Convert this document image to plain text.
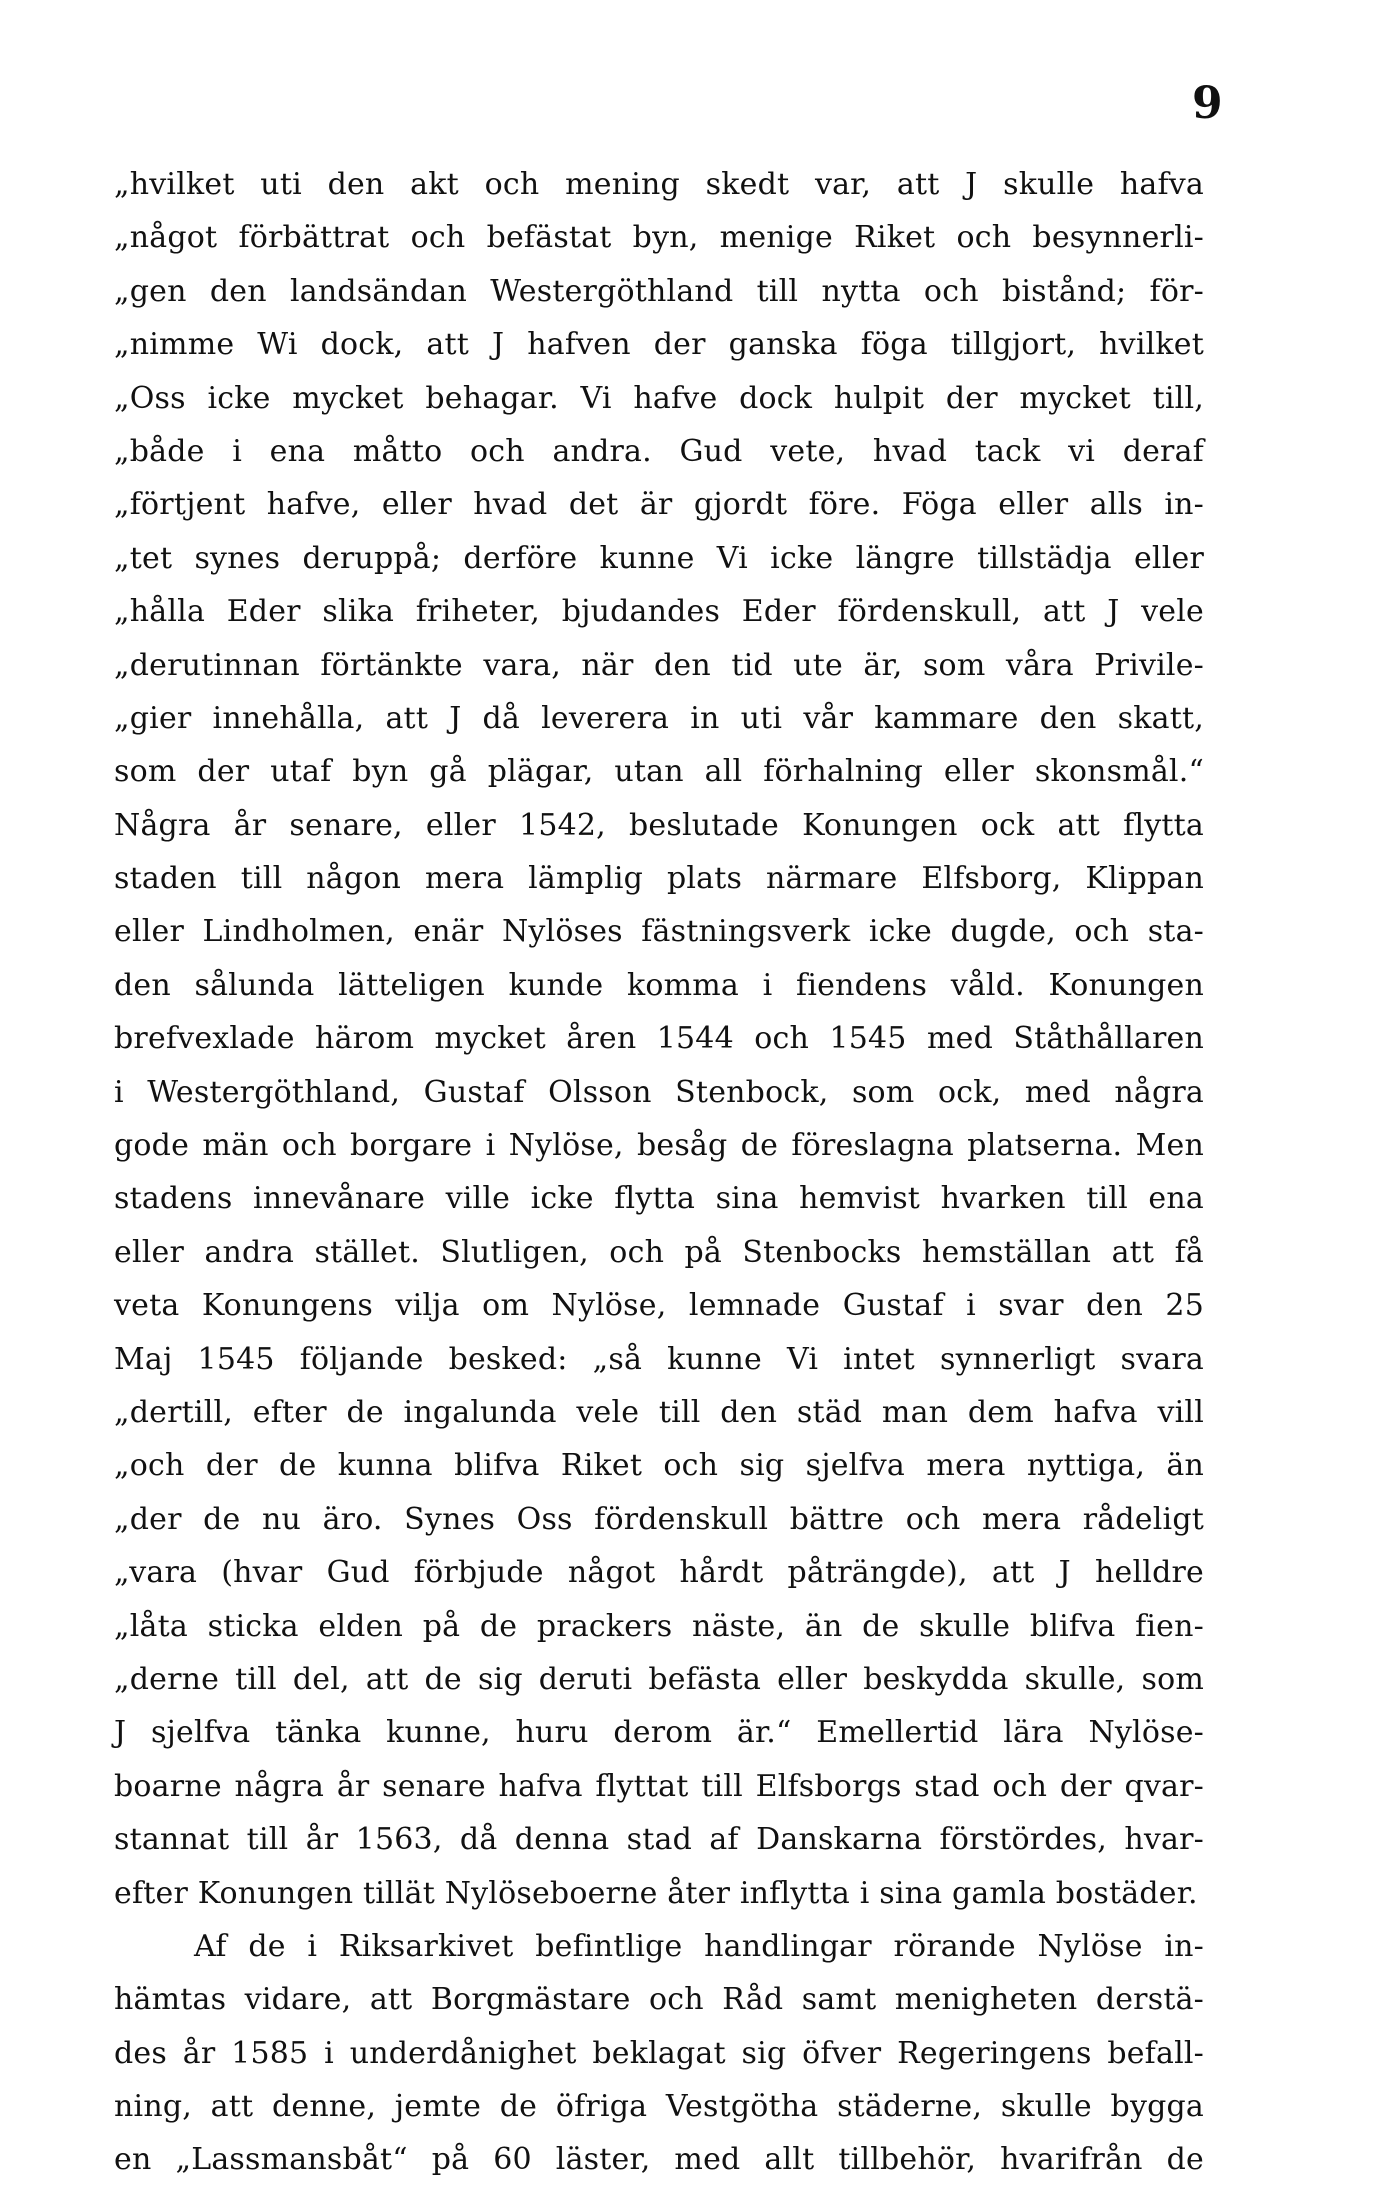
9
„hvilket uti den akt och mening skedt var, att J skulle hafva
„något förbättrat och befästat byn, menige Riket och besynnerli-
„gen den landsändan Westergöthland till nytta och bistånd; för-
„nimme Wi dock, att J hafven der ganska föga tillgjort, hvilket
„Oss icke mycket behagar. Vi hafve dock hulpit der mycket till,
„både i ena måtto och andra. Gud vete, hvad tack vi deraf
„förtjent hafve, eller hvad det är gjordt före. Föga eller alls in-
„tet synes deruppå; derföre kunne Vi icke längre tillstädja eller
„hålla Eder slika friheter, bjudandes Eder fördenskull, att J vele
„derutinnan förtänkte vara, när den tid ute är, som våra Privile-
„gier innehålla, att J då leverera in uti vår kammare den skatt,
som der utaf byn gå plägar, utan all förhalning eller skonsmål.“
Några år senare, eller 1542, beslutade Konungen ock att flytta
staden till någon mera lämplig plats närmare Elfsborg, Klippan
eller Lindholmen, enär Nylöses fästningsverk icke dugde, och sta-
den sålunda lätteligen kunde komma i fiendens våld. Konungen
brefvexlade härom mycket åren 1544 och 1545 med Ståthållaren
i Westergöthland, Gustaf Olsson Stenbock, som ock, med några
gode män och borgare i Nylöse, besåg de föreslagna platserna. Men
stadens innevånare ville icke flytta sina hemvist hvarken till ena
eller andra stället. Slutligen, och på Stenbocks hemställan att få
veta Konungens vilja om Nylöse, lemnade Gustaf i svar den 25
Maj 1545 följande besked: „så kunne Vi intet synnerligt svara
„dertill, efter de ingalunda vele till den städ man dem hafva vill
„och der de kunna blifva Riket och sig sjelfva mera nyttiga, än
„der de nu äro. Synes Oss fördenskull bättre och mera rådeligt
„vara (hvar Gud förbjude något hårdt påträngde), att J helldre
„låta sticka elden på de prackers näste, än de skulle blifva fien-
„derne till del, att de sig deruti befästa eller beskydda skulle, som
J sjelfva tänka kunne, huru derom är.“ Emellertid lära Nylöse-
boarne några år senare hafva flyttat till Elfsborgs stad och der qvar-
stannat till år 1563, då denna stad af Danskarna förstördes, hvar-
efter Konungen tillät Nylöseboerne åter inflytta i sina gamla bostäder.
Af de i Riksarkivet befintlige handlingar rörande Nylöse in-
hämtas vidare, att Borgmästare och Råd samt menigheten derstä-
des år 1585 i underdånighet beklagat sig öfver Regeringens befall-
ning, att denne, jemte de öfriga Vestgötha städerne, skulle bygga
en „Lassmansbåt“ på 60 läster, med allt tillbehör, hvarifrån de
